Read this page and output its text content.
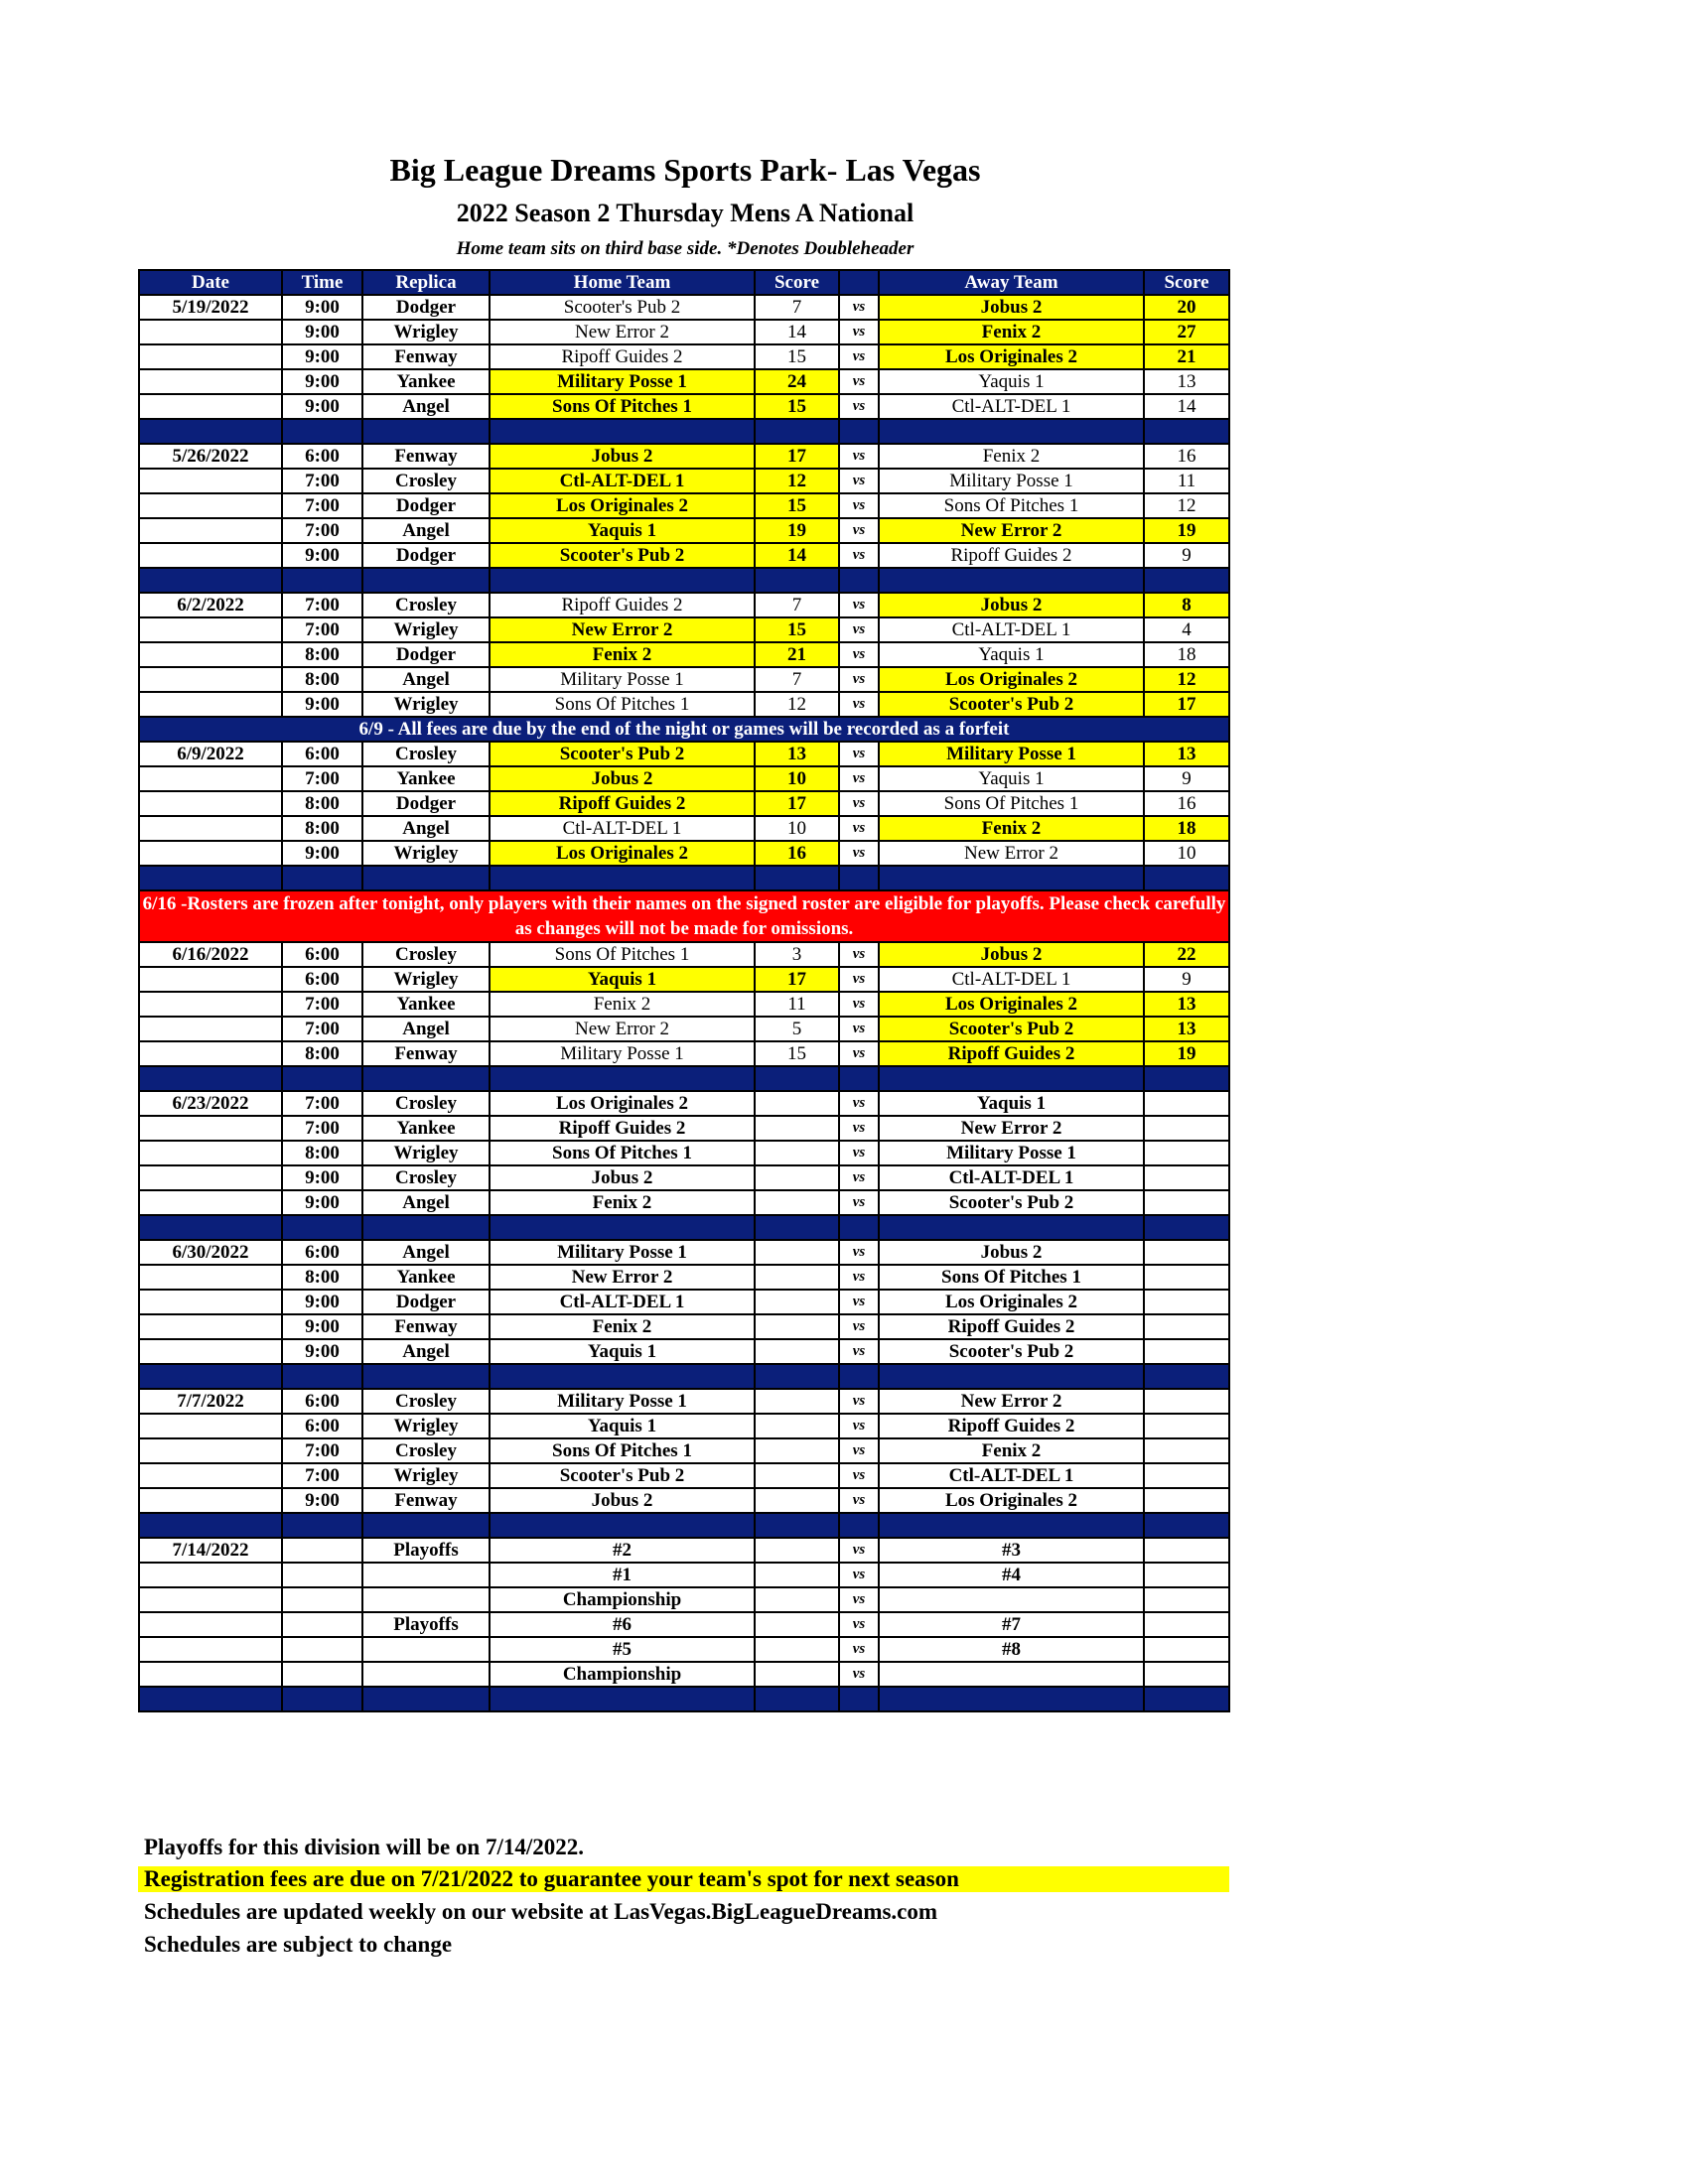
Big League Dreams Sports Park- Las Vegas
2022 Season 2 Thursday Mens A National
Home team sits on third base side. *Denotes Doubleheader
Date	Time	Replica	Home Team	Score		Away Team	Score
5/19/2022	9:00	Dodger	Scooter's Pub 2	7	vs	Jobus 2	20
	9:00	Wrigley	New Error 2	14	vs	Fenix 2	27
	9:00	Fenway	Ripoff Guides 2	15	vs	Los Originales 2	21
	9:00	Yankee	Military Posse 1	24	vs	Yaquis 1	13
	9:00	Angel	Sons Of Pitches 1	15	vs	Ctl-ALT-DEL 1	14

5/26/2022	6:00	Fenway	Jobus 2	17	vs	Fenix 2	16
	7:00	Crosley	Ctl-ALT-DEL 1	12	vs	Military Posse 1	11
	7:00	Dodger	Los Originales 2	15	vs	Sons Of Pitches 1	12
	7:00	Angel	Yaquis 1	19	vs	New Error 2	19
	9:00	Dodger	Scooter's Pub 2	14	vs	Ripoff Guides 2	9

6/2/2022	7:00	Crosley	Ripoff Guides 2	7	vs	Jobus 2	8
	7:00	Wrigley	New Error 2	15	vs	Ctl-ALT-DEL 1	4
	8:00	Dodger	Fenix 2	21	vs	Yaquis 1	18
	8:00	Angel	Military Posse 1	7	vs	Los Originales 2	12
	9:00	Wrigley	Sons Of Pitches 1	12	vs	Scooter's Pub 2	17
6/9 - All fees are due by the end of the night or games will be recorded as a forfeit							
6/9/2022	6:00	Crosley	Scooter's Pub 2	13	vs	Military Posse 1	13
	7:00	Yankee	Jobus 2	10	vs	Yaquis 1	9
	8:00	Dodger	Ripoff Guides 2	17	vs	Sons Of Pitches 1	16
	8:00	Angel	Ctl-ALT-DEL 1	10	vs	Fenix 2	18
	9:00	Wrigley	Los Originales 2	16	vs	New Error 2	10

6/16 -Rosters are frozen after tonight, only players with their names on the signed roster are eligible for playoffs. Please check carefully as changes will not be made for omissions.							
6/16/2022	6:00	Crosley	Sons Of Pitches 1	3	vs	Jobus 2	22
	6:00	Wrigley	Yaquis 1	17	vs	Ctl-ALT-DEL 1	9
	7:00	Yankee	Fenix 2	11	vs	Los Originales 2	13
	7:00	Angel	New Error 2	5	vs	Scooter's Pub 2	13
	8:00	Fenway	Military Posse 1	15	vs	Ripoff Guides 2	19

6/23/2022	7:00	Crosley	Los Originales 2		vs	Yaquis 1	
	7:00	Yankee	Ripoff Guides 2		vs	New Error 2	
	8:00	Wrigley	Sons Of Pitches 1		vs	Military Posse 1	
	9:00	Crosley	Jobus 2		vs	Ctl-ALT-DEL 1	
	9:00	Angel	Fenix 2		vs	Scooter's Pub 2	

6/30/2022	6:00	Angel	Military Posse 1		vs	Jobus 2	
	8:00	Yankee	New Error 2		vs	Sons Of Pitches 1	
	9:00	Dodger	Ctl-ALT-DEL 1		vs	Los Originales 2	
	9:00	Fenway	Fenix 2		vs	Ripoff Guides 2	
	9:00	Angel	Yaquis 1		vs	Scooter's Pub 2	

7/7/2022	6:00	Crosley	Military Posse 1		vs	New Error 2	
	6:00	Wrigley	Yaquis 1		vs	Ripoff Guides 2	
	7:00	Crosley	Sons Of Pitches 1		vs	Fenix 2	
	7:00	Wrigley	Scooter's Pub 2		vs	Ctl-ALT-DEL 1	
	9:00	Fenway	Jobus 2		vs	Los Originales 2	

7/14/2022		Playoffs	#2		vs	#3	
			#1		vs	#4	
			Championship		vs		
		Playoffs	#6		vs	#7	
			#5		vs	#8	
			Championship		vs		

Playoffs for this division will be on 7/14/2022.
Registration fees are due on 7/21/2022 to guarantee your team's spot for next season
Schedules are updated weekly on our website at LasVegas.BigLeagueDreams.com
Schedules are subject to change
